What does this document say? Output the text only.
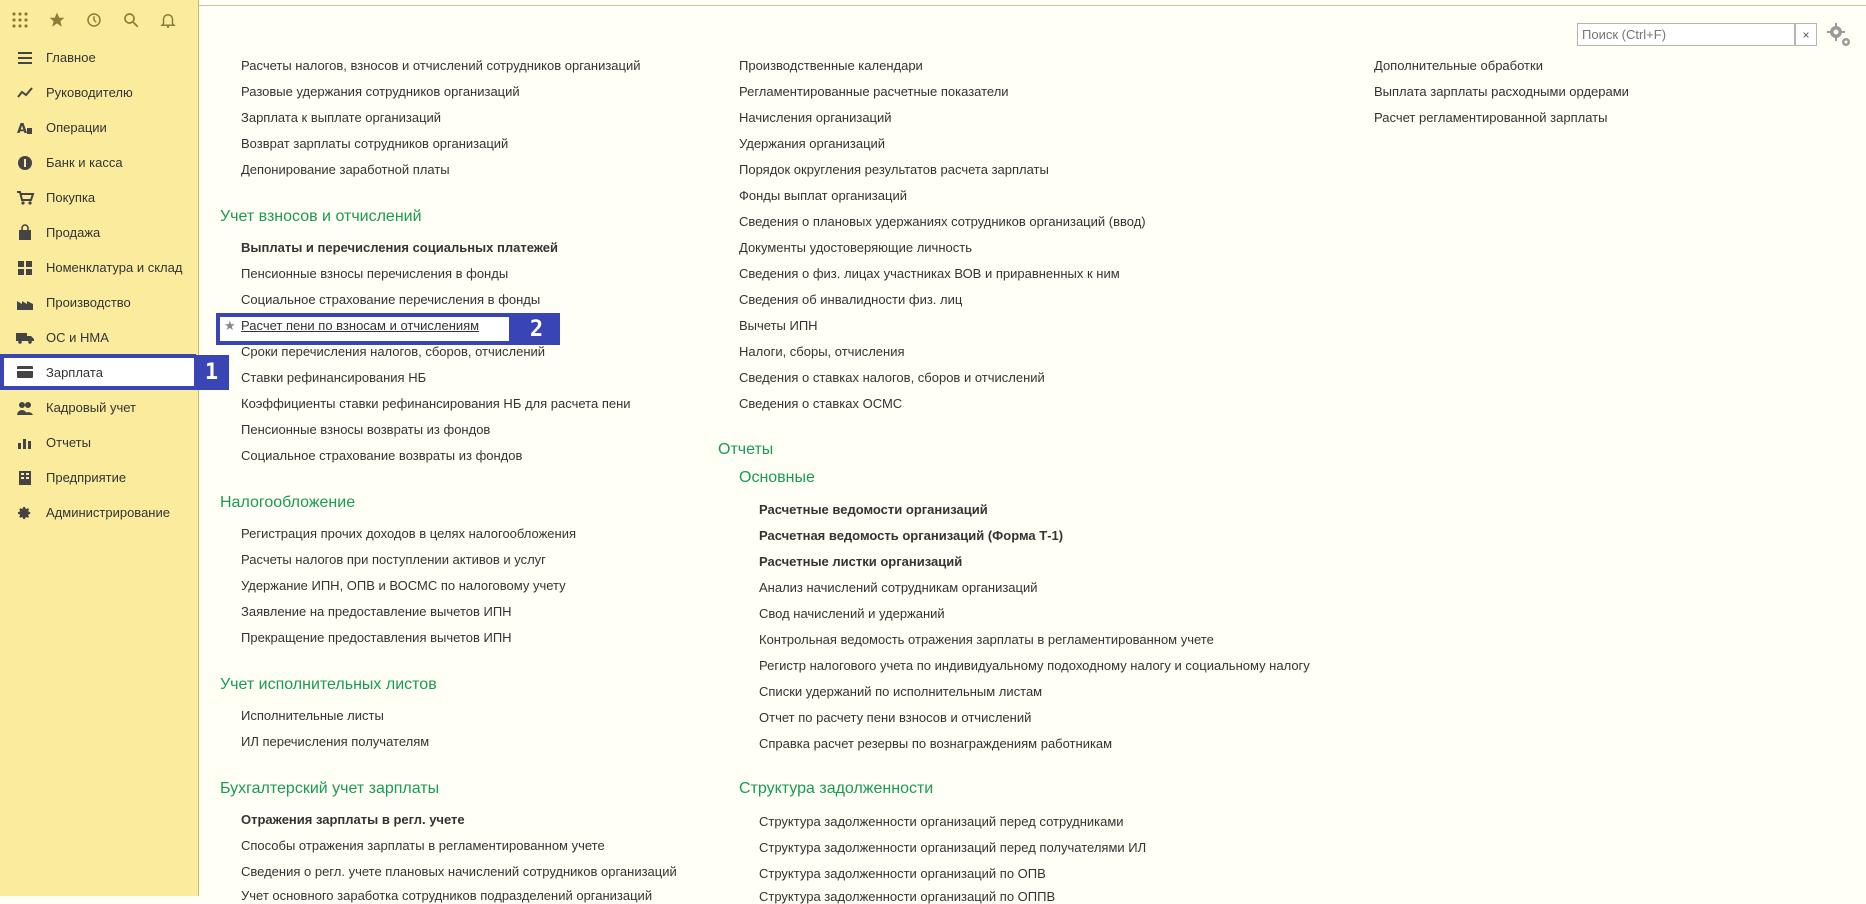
Главное
Руководителю
A Операции
Банк и касса
Покупка
Продажа
Номенклатура и склад
Производство
ОС и НМА
Зарплата
Кадровый учет
Отчеты
Предприятие
Администрирование
1
Поиск (Ctrl+F)
×
★	2
Расчеты налогов, взносов и отчислений сотрудников организаций
Разовые удержания сотрудников организаций
Зарплата к выплате организаций
Возврат зарплаты сотрудников организаций
Депонирование заработной платы
Учет взносов и отчислений
Выплаты и перечисления социальных платежей
Пенсионные взносы перечисления в фонды
Социальное страхование перечисления в фонды
Расчет пени по взносам и отчислениям
Сроки перечисления налогов, сборов, отчислений
Ставки рефинансирования НБ
Коэффициенты ставки рефинансирования НБ для расчета пени
Пенсионные взносы возвраты из фондов
Социальное страхование возвраты из фондов
Налогообложение
Регистрация прочих доходов в целях налогообложения
Расчеты налогов при поступлении активов и услуг
Удержание ИПН, ОПВ и ВОСМС по налоговому учету
Заявление на предоставление вычетов ИПН
Прекращение предоставления вычетов ИПН
Учет исполнительных листов
Исполнительные листы
ИЛ перечисления получателям
Бухгалтерский учет зарплаты
Отражения зарплаты в регл. учете
Способы отражения зарплаты в регламентированном учете
Сведения о регл. учете плановых начислений сотрудников организаций
Учет основного заработка сотрудников подразделений организаций
Производственные календари
Регламентированные расчетные показатели
Начисления организаций
Удержания организаций
Порядок округления результатов расчета зарплаты
Фонды выплат организаций
Сведения о плановых удержаниях сотрудников организаций (ввод)
Документы удостоверяющие личность
Сведения о физ. лицах участниках ВОВ и приравненных к ним
Сведения об инвалидности физ. лиц
Вычеты ИПН
Налоги, сборы, отчисления
Сведения о ставках налогов, сборов и отчислений
Сведения о ставках ОСМС
Отчеты
Основные
Расчетные ведомости организаций
Расчетная ведомость организаций (Форма Т-1)
Расчетные листки организаций
Анализ начислений сотрудникам организаций
Свод начислений и удержаний
Контрольная ведомость отражения зарплаты в регламентированном учете
Регистр налогового учета по индивидуальному подоходному налогу и социальному налогу
Списки удержаний по исполнительным листам
Отчет по расчету пени взносов и отчислений
Справка расчет резервы по вознаграждениям работникам
Структура задолженности
Структура задолженности организаций перед сотрудниками
Структура задолженности организаций перед получателями ИЛ
Структура задолженности организаций по ОПВ
Структура задолженности организаций по ОППВ
Дополнительные обработки
Выплата зарплаты расходными ордерами
Расчет регламентированной зарплаты
